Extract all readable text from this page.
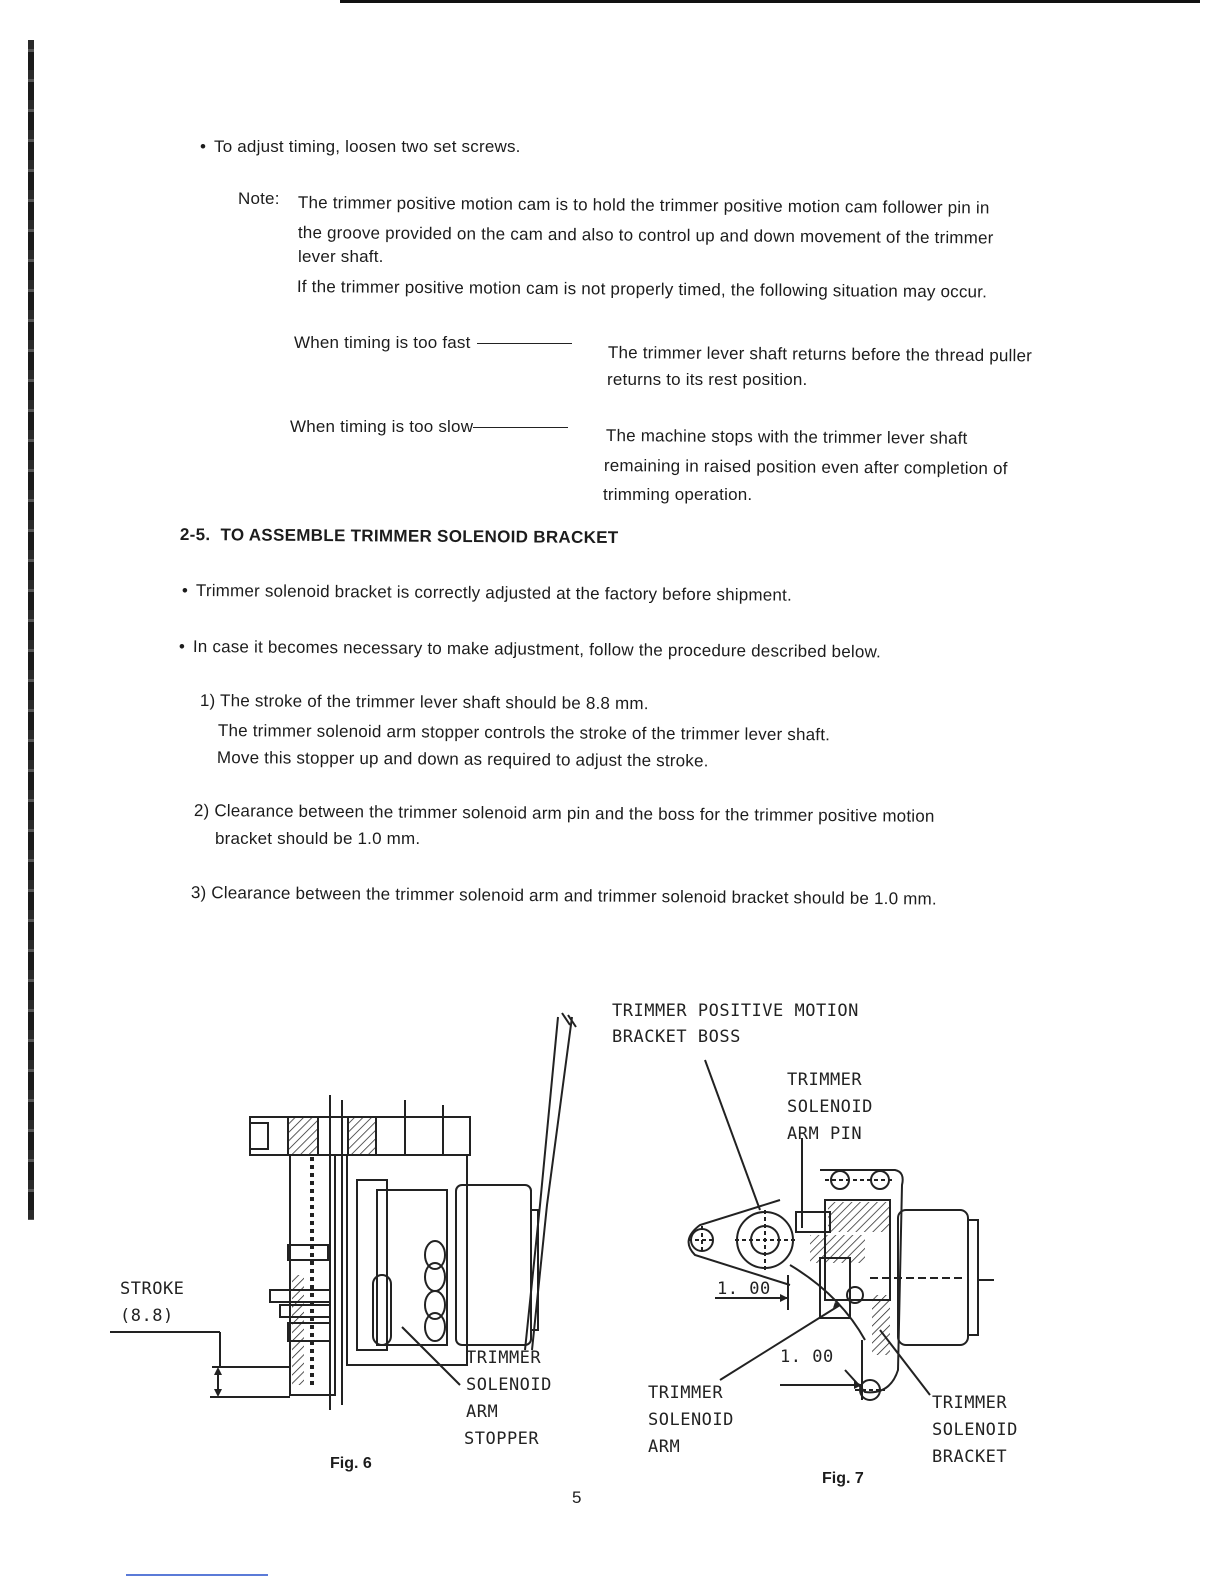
• To adjust timing, loosen two set screws.
Note: The trimmer positive motion cam is to hold the trimmer positive motion cam follower pin in
the groove provided on the cam and also to control up and down movement of the trimmer
lever shaft.
If the trimmer positive motion cam is not properly timed, the following situation may occur.
When timing is too fast
The trimmer lever shaft returns before the thread puller
returns to its rest position.
When timing is too slow	The machine stops with the trimmer lever shaft
remaining in raised position even after completion of
trimming operation.
2-5. TO ASSEMBLE TRIMMER SOLENOID BRACKET
• Trimmer solenoid bracket is correctly adjusted at the factory before shipment.
• In case it becomes necessary to make adjustment, follow the procedure described below.
1) The stroke of the trimmer lever shaft should be 8.8 mm.
The trimmer solenoid arm stopper controls the stroke of the trimmer lever shaft.
Move this stopper up and down as required to adjust the stroke.
2) Clearance between the trimmer solenoid arm pin and the boss for the trimmer positive motion
bracket should be 1.0 mm.
3) Clearance between the trimmer solenoid arm and trimmer solenoid bracket should be 1.0 mm.
STROKE
(8.8)
TRIMMER
SOLENOID
ARM
STOPPER
Fig. 6
TRIMMER POSITIVE MOTION
BRACKET BOSS
TRIMMER
SOLENOID
ARM PIN
1. 00
1. 00
TRIMMER
SOLENOID
ARM
TRIMMER
SOLENOID
BRACKET
Fig. 7
5
